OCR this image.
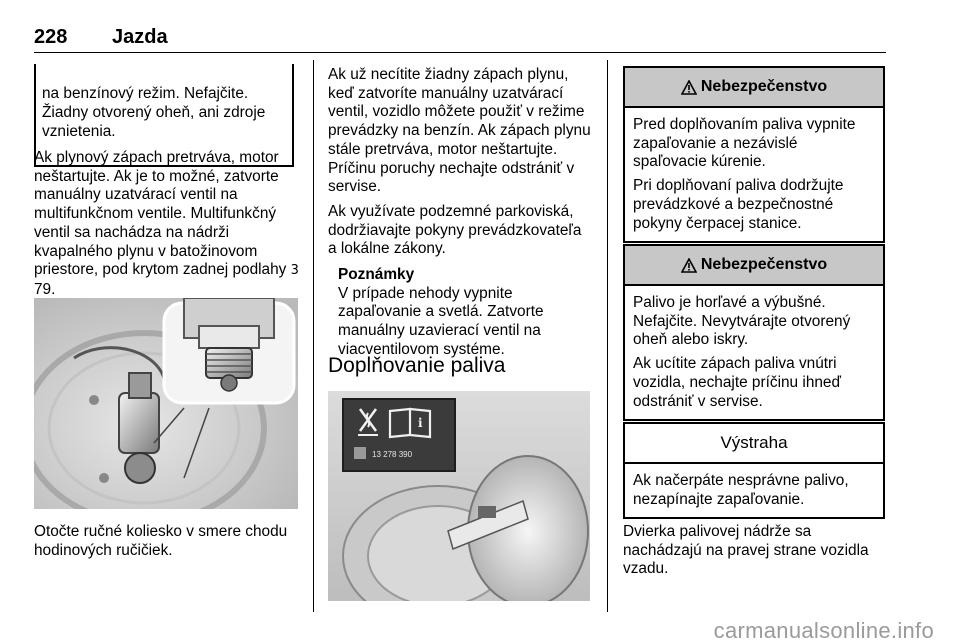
228 Jazda

na benzínový režim. Nefajčite. Žiadny otvorený oheň, ani zdroje vznietenia.

Ak plynový zápach pretrváva, motor neštartujte. Ak je to možné, zatvorte manuálny uzatvárací ventil na multifunkčnom ventile. Multifunkčný ventil sa nachádza na nádrži kvapalného plynu v batožinovom priestore, pod krytom zadnej podlahy 3 79.

Otočte ručné koliesko v smere chodu hodinových ručičiek.

Ak už necítite žiadny zápach plynu, keď zatvoríte manuálny uzatvárací ventil, vozidlo môžete použiť v režime prevádzky na benzín. Ak zápach plynu stále pretrváva, motor neštartujte. Príčinu poruchy nechajte odstrániť v servise.

Ak využívate podzemné parkoviská, dodržiavajte pokyny prevádzkovateľa a lokálne zákony.

Poznámky

V prípade nehody vypnite zapaľovanie a svetlá. Zatvorte manuálny uzavierací ventil na viacventilovom systéme.

Doplňovanie paliva
i
13 278 390
Nebezpečenstvo

Pred doplňovaním paliva vypnite zapaľovanie a nezávislé spaľovacie kúrenie.

Pri doplňovaní paliva dodržujte prevádzkové a bezpečnostné pokyny čerpacej stanice.

Nebezpečenstvo

Palivo je horľavé a výbušné. Nefajčite. Nevytvárajte otvorený oheň alebo iskry.

Ak ucítite zápach paliva vnútri vozidla, nechajte príčinu ihneď odstrániť v servise.

Výstraha

Ak načerpáte nesprávne palivo, nezapínajte zapaľovanie.

Dvierka palivovej nádrže sa nachádzajú na pravej strane vozidla vzadu.

carmanualsonline.info
